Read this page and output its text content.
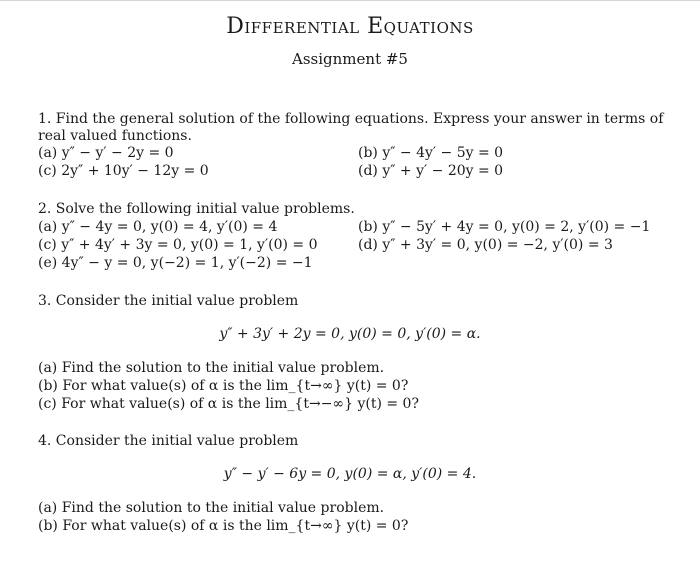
Differential Equations
Assignment #5
1. Find the general solution of the following equations. Express your answer in terms of real valued functions.
(a) y″ − y′ − 2y = 0	(b) y″ − 4y′ − 5y = 0
(c) 2y″ + 10y′ − 12y = 0	(d) y″ + y′ − 20y = 0
2. Solve the following initial value problems.
(a) y″ − 4y = 0, y(0) = 4, y′(0) = 4	(b) y″ − 5y′ + 4y = 0, y(0) = 2, y′(0) = −1
(c) y″ + 4y′ + 3y = 0, y(0) = 1, y′(0) = 0	(d) y″ + 3y′ = 0, y(0) = −2, y′(0) = 3
(e) 4y″ − y = 0, y(−2) = 1, y′(−2) = −1
3. Consider the initial value problem
y″ + 3y′ + 2y = 0, y(0) = 0, y′(0) = α.
(a) Find the solution to the initial value problem.
(b) For what value(s) of α is the lim_{t→∞} y(t) = 0?
(c) For what value(s) of α is the lim_{t→−∞} y(t) = 0?
4. Consider the initial value problem
y″ − y′ − 6y = 0, y(0) = α, y′(0) = 4.
(a) Find the solution to the initial value problem.
(b) For what value(s) of α is the lim_{t→∞} y(t) = 0?
